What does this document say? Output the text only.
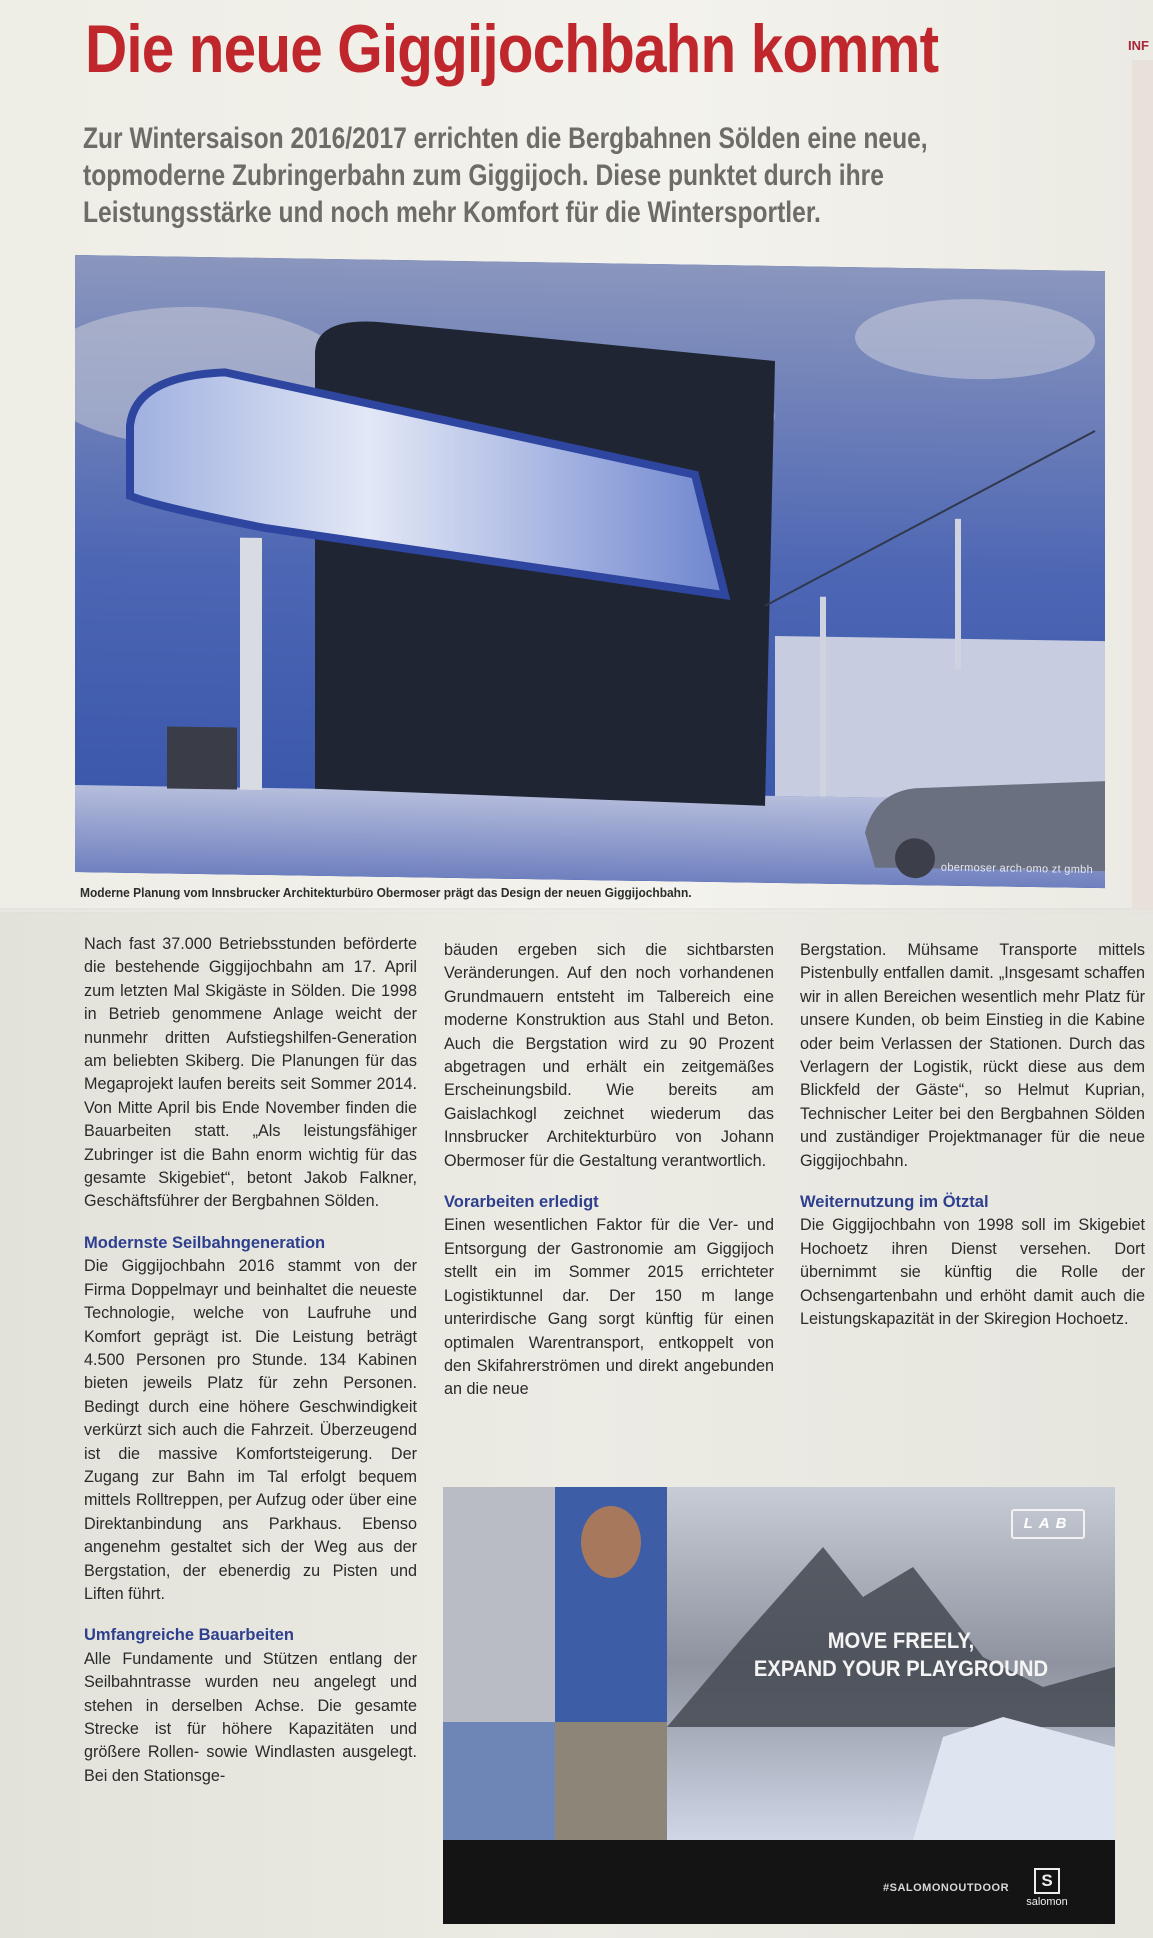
Die neue Giggijochbahn kommt	INF

Zur Wintersaison 2016/2017 errichten die Bergbahnen Sölden eine neue, topmoderne Zubringerbahn zum Giggijoch. Diese punktet durch ihre Leistungsstärke und noch mehr Komfort für die Wintersportler.

obermoser arch-omo zt gmbh
Moderne Planung vom Innsbrucker Architekturbüro Obermoser prägt das Design der neuen Giggijochbahn.

Nach fast 37.000 Betriebsstunden beförderte die bestehende Giggijochbahn am 17. April zum letzten Mal Skigäste in Sölden. Die 1998 in Betrieb genommene Anlage weicht der nunmehr dritten Aufstiegshilfen-Generation am beliebten Skiberg. Die Planungen für das Megaprojekt laufen bereits seit Sommer 2014. Von Mitte April bis Ende November finden die Bauarbeiten statt. „Als leistungsfähiger Zubringer ist die Bahn enorm wichtig für das gesamte Skigebiet“, betont Jakob Falkner, Geschäftsführer der Bergbahnen Sölden.

Modernste Seilbahngeneration

Die Giggijochbahn 2016 stammt von der Firma Doppelmayr und beinhaltet die neueste Technologie, welche von Laufruhe und Komfort geprägt ist. Die Leistung beträgt 4.500 Personen pro Stunde. 134 Kabinen bieten jeweils Platz für zehn Personen. Bedingt durch eine höhere Geschwindigkeit verkürzt sich auch die Fahrzeit. Überzeugend ist die massive Komfortsteigerung. Der Zugang zur Bahn im Tal erfolgt bequem mittels Rolltreppen, per Aufzug oder über eine Direktanbindung ans Parkhaus. Ebenso angenehm gestaltet sich der Weg aus der Bergstation, der ebenerdig zu Pisten und Liften führt.

Umfangreiche Bauarbeiten

Alle Fundamente und Stützen entlang der Seilbahntrasse wurden neu angelegt und stehen in derselben Achse. Die gesamte Strecke ist für höhere Kapazitäten und größere Rollen- sowie Windlasten ausgelegt. Bei den Stationsge-

bäuden ergeben sich die sichtbarsten Veränderungen. Auf den noch vorhandenen Grundmauern entsteht im Talbereich eine moderne Konstruktion aus Stahl und Beton. Auch die Bergstation wird zu 90 Prozent abgetragen und erhält ein zeitgemäßes Erscheinungsbild. Wie bereits am Gaislachkogl zeichnet wiederum das Innsbrucker Architekturbüro von Johann Obermoser für die Gestaltung verantwortlich.

Vorarbeiten erledigt

Einen wesentlichen Faktor für die Ver- und Entsorgung der Gastronomie am Giggijoch stellt ein im Sommer 2015 errichteter Logistiktunnel dar. Der 150 m lange unterirdische Gang sorgt künftig für einen optimalen Warentransport, entkoppelt von den Skifahrerströmen und direkt angebunden an die neue

Bergstation. Mühsame Transporte mittels Pistenbully entfallen damit. „Insgesamt schaffen wir in allen Bereichen wesentlich mehr Platz für unsere Kunden, ob beim Einstieg in die Kabine oder beim Verlassen der Stationen. Durch das Verlagern der Logistik, rückt diese aus dem Blickfeld der Gäste“, so Helmut Kuprian, Technischer Leiter bei den Bergbahnen Sölden und zuständiger Projektmanager für die neue Giggijochbahn.

Weiternutzung im Ötztal

Die Giggijochbahn von 1998 soll im Skigebiet Hochoetz ihren Dienst versehen. Dort übernimmt sie künftig die Rolle der Ochsengartenbahn und erhöht damit auch die Leistungskapazität in der Skiregion Hochoetz.

LAB
MOVE FREELY,
EXPAND YOUR PLAYGROUND
#SALOMONOUTDOOR	S
salomon
